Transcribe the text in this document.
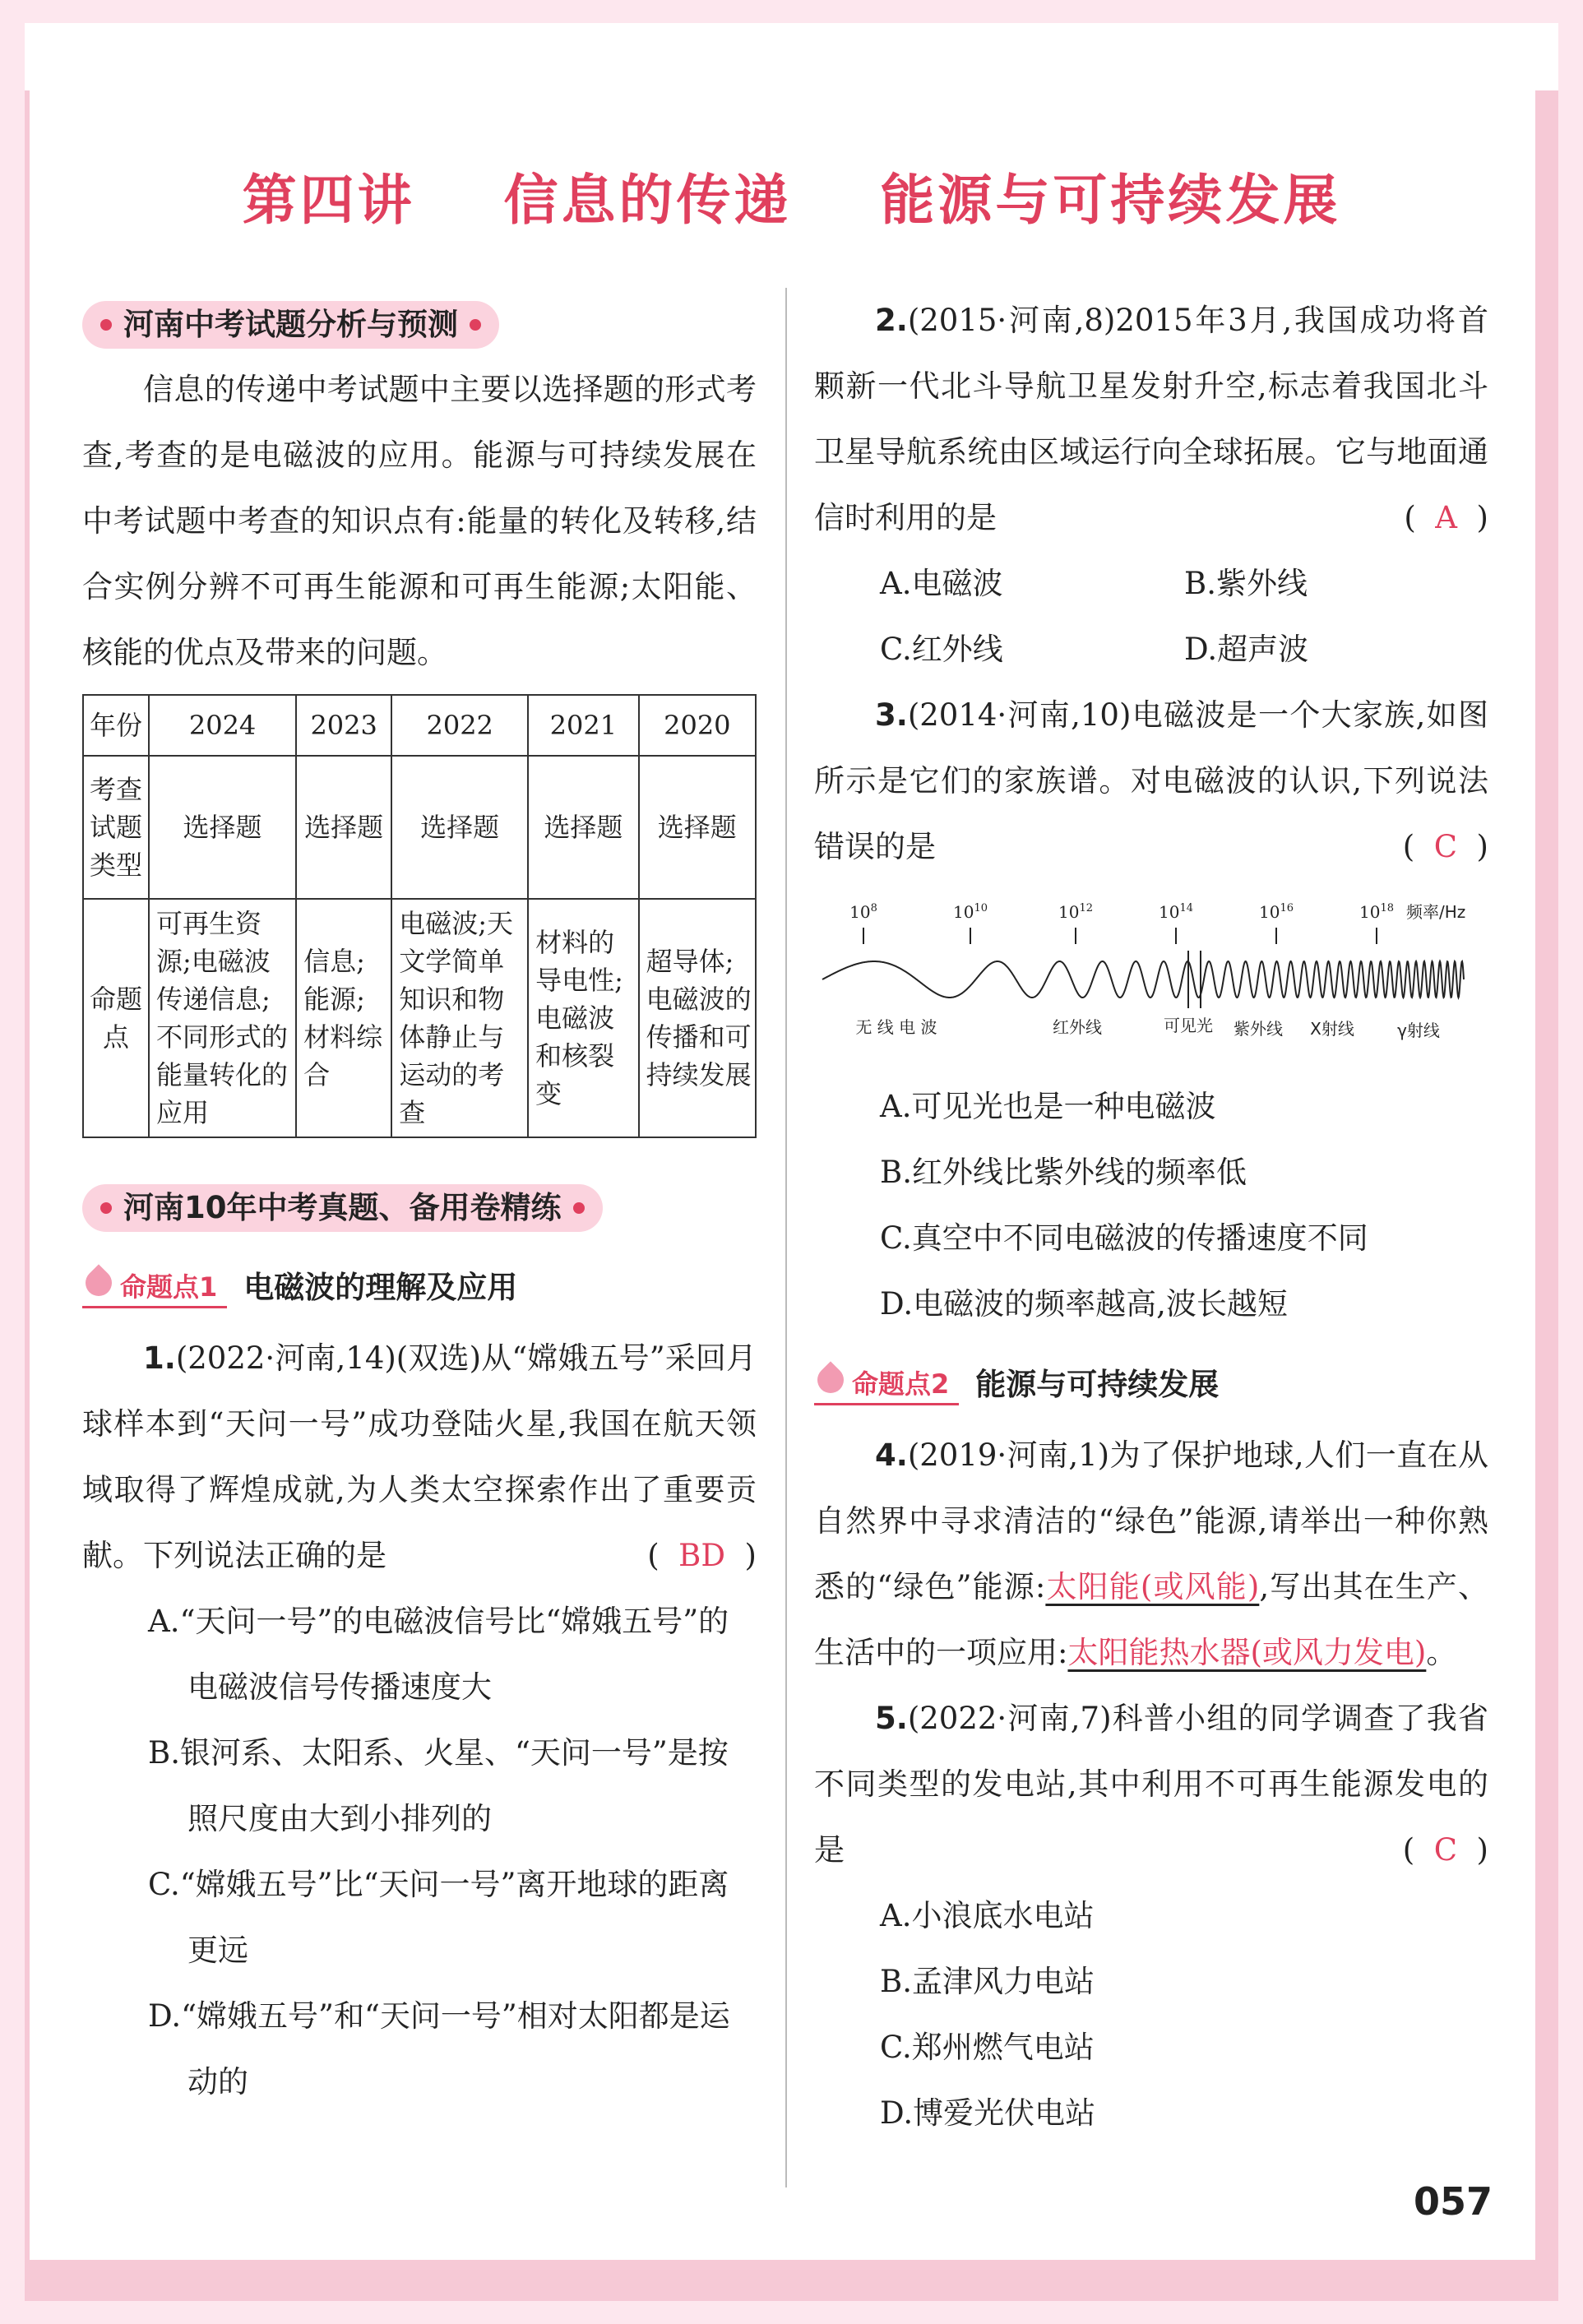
第四讲 信息的传递 能源与可持续发展
河南中考试题分析与预测

信息的传递中考试题中主要以选择题的形式考查,考查的是电磁波的应用。能源与可持续发展在中考试题中考查的知识点有:能量的转化及转移,结合实例分辨不可再生能源和可再生能源;太阳能、核能的优点及带来的问题。

年份	2024	2023	2022	2021	2020
考查试题类型	选择题	选择题	选择题	选择题	选择题
命题点	可再生资源;电磁波传递信息;不同形式的能量转化的应用	信息;能源;材料综合	电磁波;天文学简单知识和物体静止与运动的考查	材料的导电性;电磁波和核裂变	超导体;电磁波的传播和可持续发展
河南10年中考真题、备用卷精练
命题点1 电磁波的理解及应用

1.(2022·河南,14)(双选)从“嫦娥五号”采回月球样本到“天问一号”成功登陆火星,我国在航天领域取得了辉煌成就,为人类太空探索作出了重要贡献。下列说法正确的是	(  BD  )

A.“天问一号”的电磁波信号比“嫦娥五号”的电磁波信号传播速度大

B.银河系、太阳系、火星、“天问一号”是按照尺度由大到小排列的

C.“嫦娥五号”比“天问一号”离开地球的距离更远

D.“嫦娥五号”和“天问一号”相对太阳都是运动的

2.(2015·河南,8)2015年3月,我国成功将首颗新一代北斗导航卫星发射升空,标志着我国北斗卫星导航系统由区域运行向全球拓展。它与地面通信时利用的是	(  A  )

A.电磁波	B.紫外线
C.红外线	D.超声波

3.(2014·河南,10)电磁波是一个大家族,如图所示是它们的家族谱。对电磁波的认识,下列说法错误的是	(  C  )

$10^8$	$10^{10}$	$10^{12}$	$10^{14}$	$10^{16}$	$10^{18}$ 频率/Hz
无 线 电 波	红外线	可见光 紫外线 X射线	γ射线

A.可见光也是一种电磁波

B.红外线比紫外线的频率低

C.真空中不同电磁波的传播速度不同

D.电磁波的频率越高,波长越短

命题点2 能源与可持续发展

4.(2019·河南,1)为了保护地球,人们一直在从自然界中寻求清洁的“绿色”能源,请举出一种你熟悉的“绿色”能源:太阳能(或风能),写出其在生产、生活中的一项应用:太阳能热水器(或风力发电)。

5.(2022·河南,7)科普小组的同学调查了我省不同类型的发电站,其中利用不可再生能源发电的是	(  C  )

A.小浪底水电站

B.孟津风力电站

C.郑州燃气电站

D.博爱光伏电站

057
